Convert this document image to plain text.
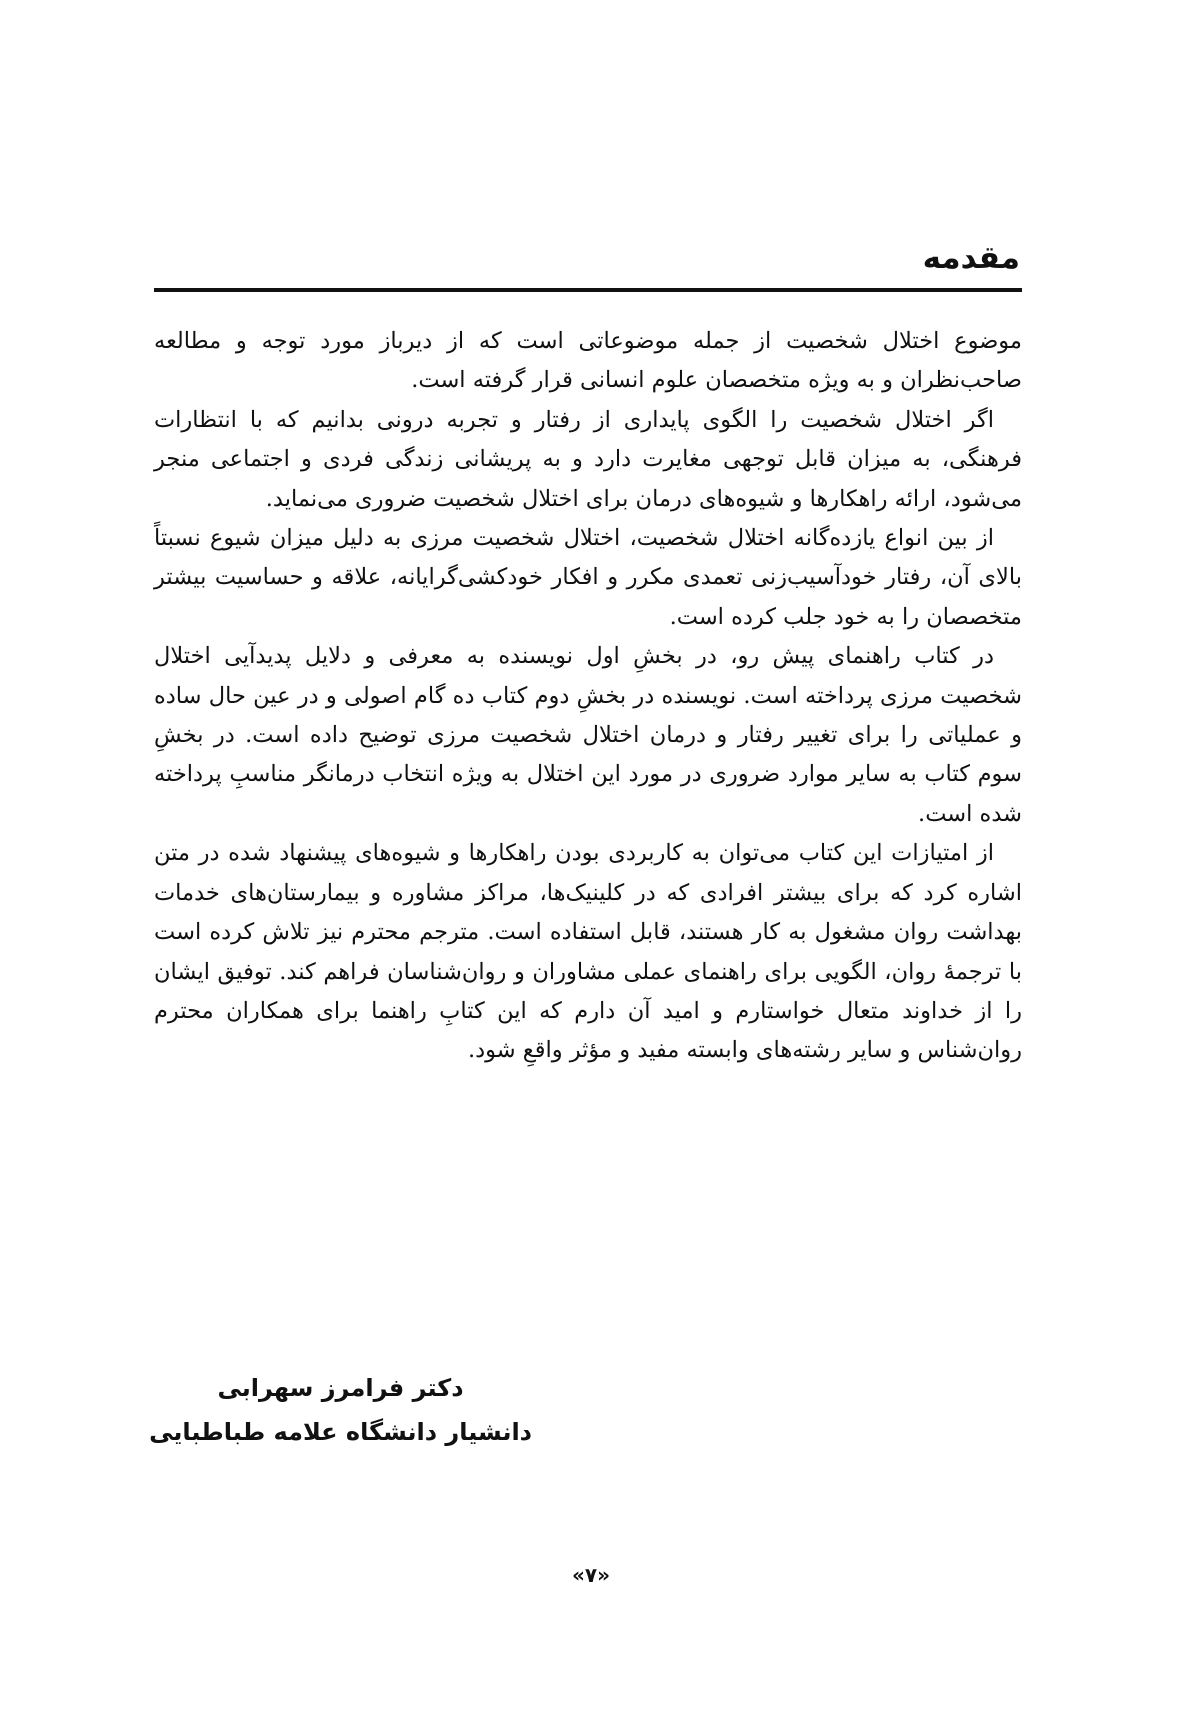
مقدمه

موضوع اختلال شخصیت از جمله موضوعاتی است که از دیرباز مورد توجه و مطالعه صاحب‌نظران و به ویژه متخصصان علوم انسانی قرار گرفته است.

اگر اختلال شخصیت را الگوی پایداری از رفتار و تجربه درونی بدانیم که با انتظارات فرهنگی، به میزان قابل توجهی مغایرت دارد و به پریشانی زندگی فردی و اجتماعی منجر می‌شود، ارائه راهکارها و شیوه‌های درمان برای اختلال شخصیت ضروری می‌نماید.

از بین انواع یازده‌گانه اختلال شخصیت، اختلال شخصیت مرزی به دلیل میزان شیوع نسبتاً بالای آن، رفتار خودآسیب‌زنی تعمدی مکرر و افکار خودکشی‌گرایانه، علاقه و حساسیت بیشتر متخصصان را به خود جلب کرده است.

در کتاب راهنمای پیش رو، در بخشِ اول نویسنده به معرفی و دلایل پدیدآیی اختلال شخصیت مرزی پرداخته است. نویسنده در بخشِ دوم کتاب ده گام اصولی و در عین حال ساده و عملیاتی را برای تغییر رفتار و درمان اختلال شخصیت مرزی توضیح داده است. در بخشِ سوم کتاب به سایر موارد ضروری در مورد این اختلال به ویژه انتخاب درمانگر مناسبِ پرداخته شده است.

از امتیازات این کتاب می‌توان به کاربردی بودن راهکارها و شیوه‌های پیشنهاد شده در متن اشاره کرد که برای بیشتر افرادی که در کلینیک‌ها، مراکز مشاوره و بیمارستان‌های خدمات بهداشت روان مشغول به کار هستند، قابل استفاده است. مترجم محترم نیز تلاش کرده است با ترجمۀ روان، الگویی برای راهنمای عملی مشاوران و روان‌شناسان فراهم کند. توفیق ایشان را از خداوند متعال خواستارم و امید آن دارم که این کتابِ راهنما برای همکاران محترم روان‌شناس و سایر رشته‌های وابسته مفید و مؤثر واقعِ شود.

دکتر فرامرز سهرابی
دانشیار دانشگاه علامه طباطبایی
«۷»
